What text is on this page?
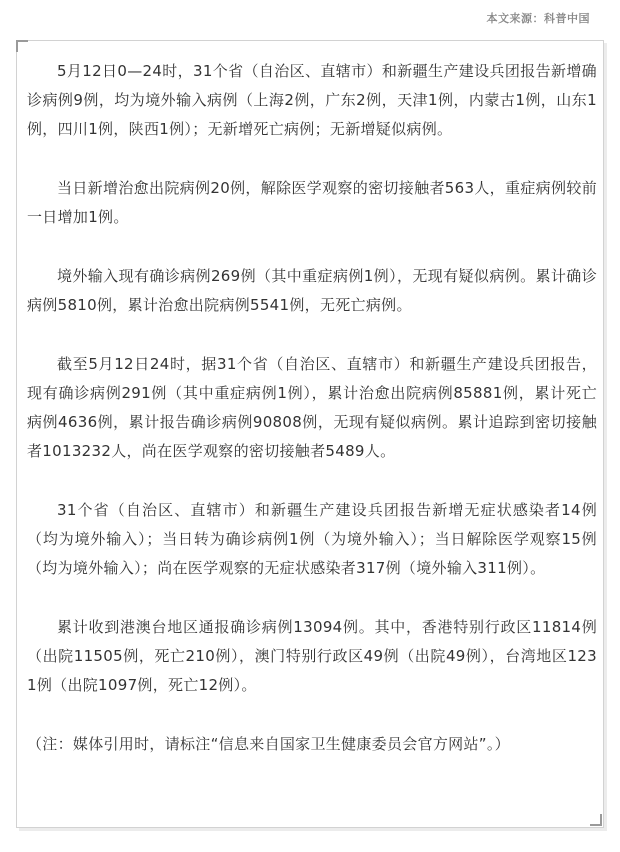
本文来源：科普中国

5月12日0—24时，31个省（自治区、直辖市）和新疆生产建设兵团报告新增确诊病例9例，均为境外输入病例（上海2例，广东2例，天津1例，内蒙古1例，山东1例，四川1例，陕西1例）；无新增死亡病例；无新增疑似病例。

当日新增治愈出院病例20例，解除医学观察的密切接触者563人，重症病例较前一日增加1例。

境外输入现有确诊病例269例（其中重症病例1例），无现有疑似病例。累计确诊病例5810例，累计治愈出院病例5541例，无死亡病例。

截至5月12日24时，据31个省（自治区、直辖市）和新疆生产建设兵团报告，现有确诊病例291例（其中重症病例1例），累计治愈出院病例85881例，累计死亡病例4636例，累计报告确诊病例90808例，无现有疑似病例。累计追踪到密切接触者1013232人，尚在医学观察的密切接触者5489人。

31个省（自治区、直辖市）和新疆生产建设兵团报告新增无症状感染者14例（均为境外输入）；当日转为确诊病例1例（为境外输入）；当日解除医学观察15例（均为境外输入）；尚在医学观察的无症状感染者317例（境外输入311例）。

累计收到港澳台地区通报确诊病例13094例。其中，香港特别行政区11814例（出院11505例，死亡210例），澳门特别行政区49例（出院49例），台湾地区1231例（出院1097例，死亡12例）。

（注：媒体引用时，请标注“信息来自国家卫生健康委员会官方网站”。）
